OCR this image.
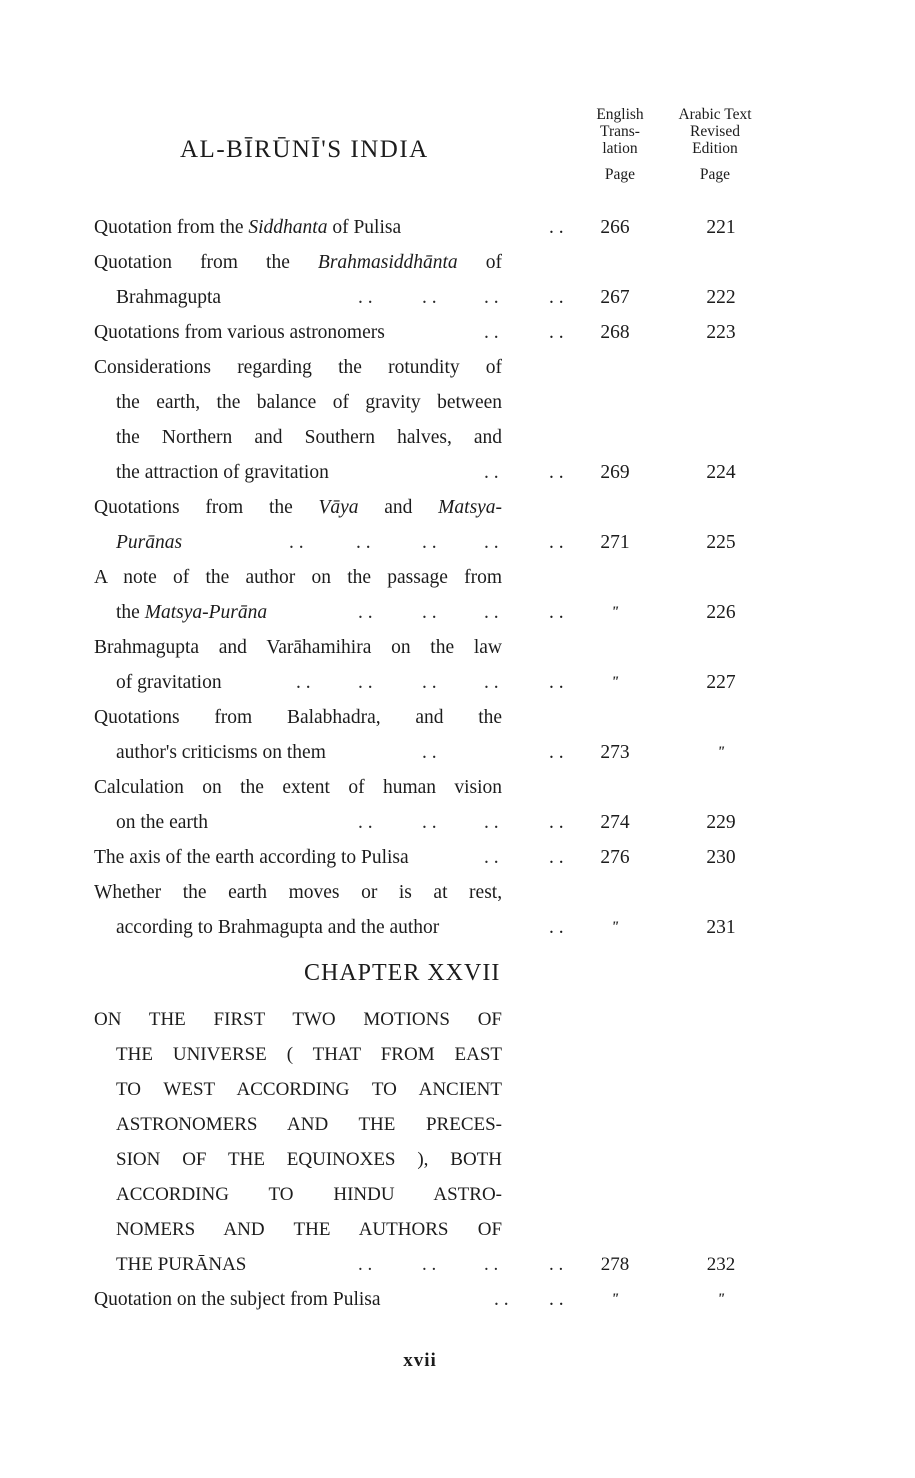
AL-BĪRŪNĪ'S INDIA
English
Trans-
lation
Page
Arabic Text
Revised
Edition
Page
Quotation from the Siddhanta of Pulisa	. .	266	221
Quotation from the Brahmasiddhānta of
Brahmagupta	. .	. . . .	. .	267	222
Quotations from various astronomers	. .	. .	268	223
Considerations regarding the rotundity of
the earth, the balance of gravity between
the Northern and Southern halves, and
the attraction of gravitation	. .	. .	269	224
Quotations from the Vāya and Matsya-
Purānas	. .	. .	. . . .	. .	271	225
A note of the author on the passage from
the Matsya-Purāna	. .	. . . .	. .	"	226
Brahmagupta and Varāhamihira on the law
of gravitation	. . . .	. . . .	. .	"	227
Quotations from Balabhadra, and the
author's criticisms on them	. .	. .	273	"
Calculation on the extent of human vision
on the earth	. .	. . . .	. .	274	229
The axis of the earth according to Pulisa	. .	. .	276	230
Whether the earth moves or is at rest,
according to Brahmagupta and the author	. .	"	231
CHAPTER XXVII
ON THE FIRST TWO MOTIONS OF
THE UNIVERSE ( THAT FROM EAST
TO WEST ACCORDING TO ANCIENT
ASTRONOMERS AND THE PRECES-
SION OF THE EQUINOXES ), BOTH
ACCORDING TO HINDU ASTRO-
NOMERS AND THE AUTHORS OF
THE PURĀNAS	. .	. .	. .	. .	278	232
Quotation on the subject from Pulisa	. . . .	"	"
xvii
